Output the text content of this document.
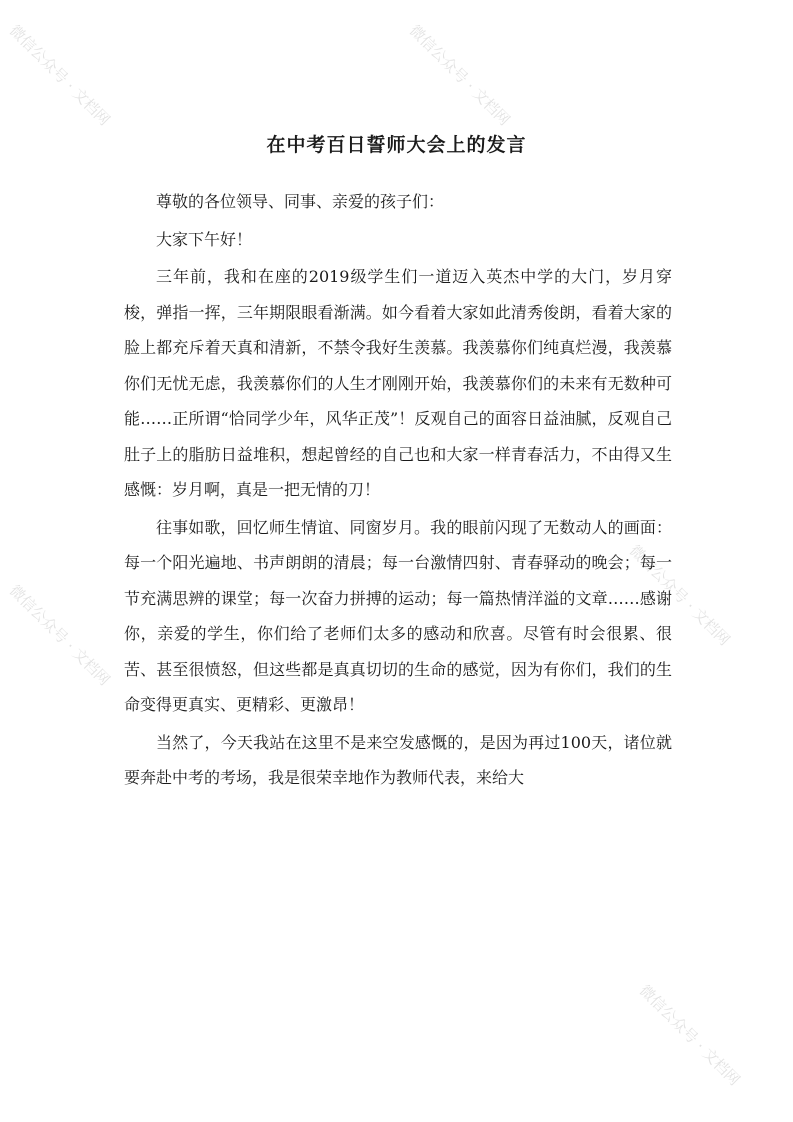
微信公众号 · 文档网	微信公众号 · 文档网
微信公众号 · 文档网	微信公众号 · 文档网
微信公众号 · 文档网
在中考百日誓师大会上的发言

尊敬的各位领导、同事、亲爱的孩子们：

大家下午好！

三年前，我和在座的2019级学生们一道迈入英杰中学的大门，岁月穿梭，弹指一挥，三年期限眼看渐满。如今看着大家如此清秀俊朗，看着大家的脸上都充斥着天真和清新，不禁令我好生羡慕。我羡慕你们纯真烂漫，我羡慕你们无忧无虑，我羡慕你们的人生才刚刚开始，我羡慕你们的未来有无数种可能……正所谓“恰同学少年，风华正茂”！反观自己的面容日益油腻，反观自己肚子上的脂肪日益堆积，想起曾经的自己也和大家一样青春活力，不由得又生感慨：岁月啊，真是一把无情的刀！

往事如歌，回忆师生情谊、同窗岁月。我的眼前闪现了无数动人的画面：每一个阳光遍地、书声朗朗的清晨；每一台激情四射、青春驿动的晚会；每一节充满思辨的课堂；每一次奋力拼搏的运动；每一篇热情洋溢的文章……感谢你，亲爱的学生，你们给了老师们太多的感动和欣喜。尽管有时会很累、很苦、甚至很愤怒，但这些都是真真切切的生命的感觉，因为有你们，我们的生命变得更真实、更精彩、更激昂！

当然了，今天我站在这里不是来空发感慨的，是因为再过100天，诸位就要奔赴中考的考场，我是很荣幸地作为教师代表，来给大
